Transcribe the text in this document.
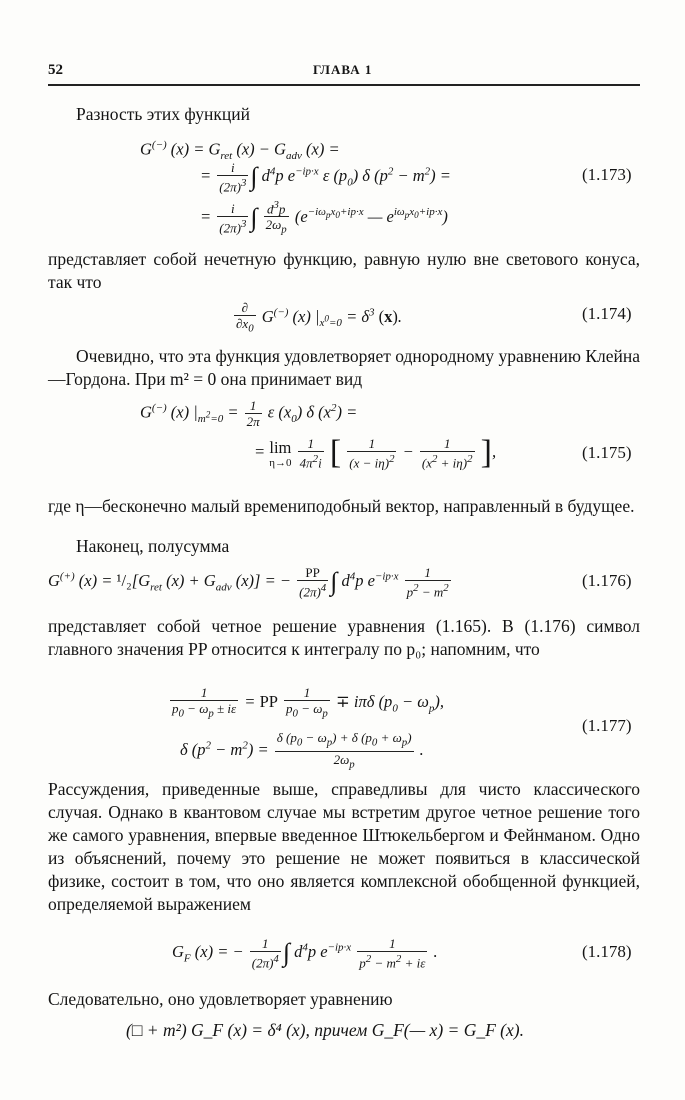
52	ГЛАВА 1

Разность этих функций

G(−) $(x) = G_{ret}$ $(x) - G_{adv}$ (x) =
= $\frac{i}{(2\pi)^3}$ ∫ $d^4p$ $e^{-ip\cdot x}$ ε $(p_0)$ δ $(p^2 - m^2)$ =	(1.173)
= $\frac{i}{(2\pi)^3}$ ∫ $\frac{d^3p}{2\omega_p} (e^{-i\omega_px_0+ip\cdot x}$ — $e^{i\omega_px_0+ip\cdot x}$)

представляет собой нечетную функцию, равную нулю вне светового конуса, так что

$\frac{\partial}{\partial x_0} G^{(-)}$ (x) $|_{x^0=0} = \delta^3$ (x).	(1.174)

Очевидно, что эта функция удовлетворяет однородному уравнению Клейна—Гордона. При m² = 0 она принимает вид

G(−) (x) $|_{m^2=0} = \frac{1}{2\pi}$ ε $(x_0)$ δ $(x^2)$ =
= lim
η→0
$\frac{1}{4\pi^2i}$ [ $\frac{1}{(x - i\eta)^2} - \frac{1}{(x^2 + i\eta)^2}$ ],	(1.175)

где η—бесконечно малый времениподобный вектор, направленный в будущее.

Наконец, полусумма

G(+) $(x) = ^1/_2[G_{ret}$ $(x) + G_{adv}$ (x)] = − $\frac{PP}{(2\pi)^4}$ ∫ $d^4p$ $e^{-ip\cdot x} \frac{1}{p^2 - m^2}$	(1.176)

представляет собой четное решение уравнения (1.165). В (1.176) символ главного значения PP относится к интегралу по p₀; напомним, что

$\frac{1}{p_0 - \omega_p \pm i\varepsilon}$ = PP $\frac{1}{p_0 - \omega_p} \mp i\pi\delta$ $(p_0 - \omega_p)$,
δ $(p^2 - m^2) = \frac{\delta (p_0 - \omega_p) + \delta (p_0 + \omega_p)}{2\omega_p}$ .
(1.177)

Рассуждения, приведенные выше, справедливы для чисто классического случая. Однако в квантовом случае мы встретим другое четное решение того же самого уравнения, впервые введенное Штюкельбергом и Фейнманом. Одно из объяснений, почему это решение не может появиться в классической физике, состоит в том, что оно является комплексной обобщенной функцией, определяемой выражением

$G_F$ (x) = − $\frac{1}{(2\pi)^4}$ ∫ $d^4p$ $e^{-ip\cdot x} \frac{1}{p^2 - m^2 + i\varepsilon}$ .	(1.178)

Следовательно, оно удовлетворяет уравнению

(□ + m²) G_F (x) = δ⁴ (x), причем G_F(— x) = G_F (x).
